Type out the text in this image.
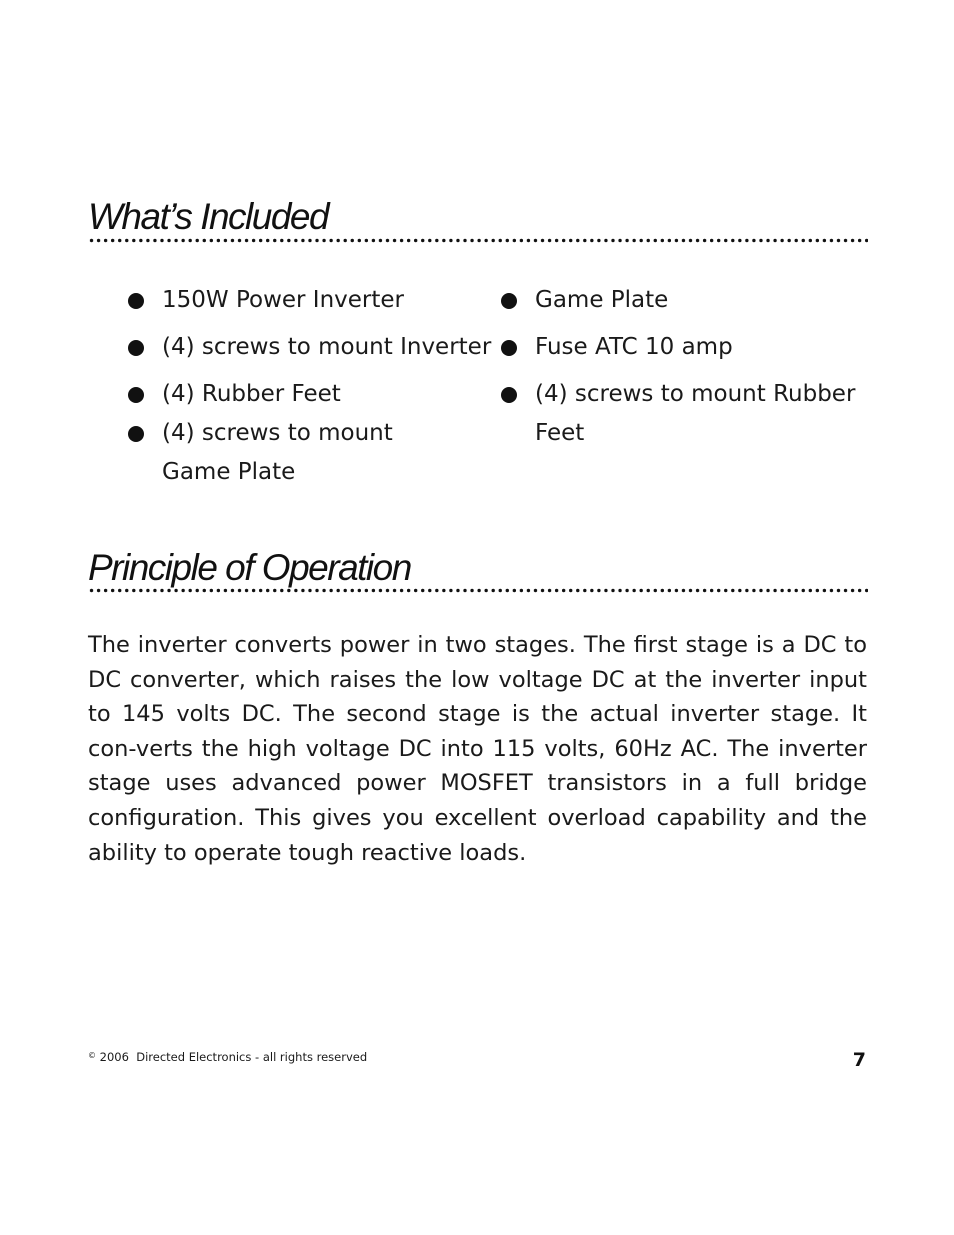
What’s Included
150W Power Inverter
(4) screws to mount Inverter
(4) Rubber Feet
(4) screws to mount
Game Plate
Game Plate
Fuse ATC 10 amp
(4) screws to mount Rubber Feet
Principle of Operation

The inverter converts power in two stages. The first stage is a DC to DC converter, which raises the low voltage DC at the inverter input to 145 volts DC. The second stage is the actual inverter stage. It con-verts the high voltage DC into 115 volts, 60Hz AC. The inverter stage uses advanced power MOSFET transistors in a full bridge configuration. This gives you excellent overload capability and the ability to operate tough reactive loads.

© 2006  Directed Electronics - all rights reserved	7
